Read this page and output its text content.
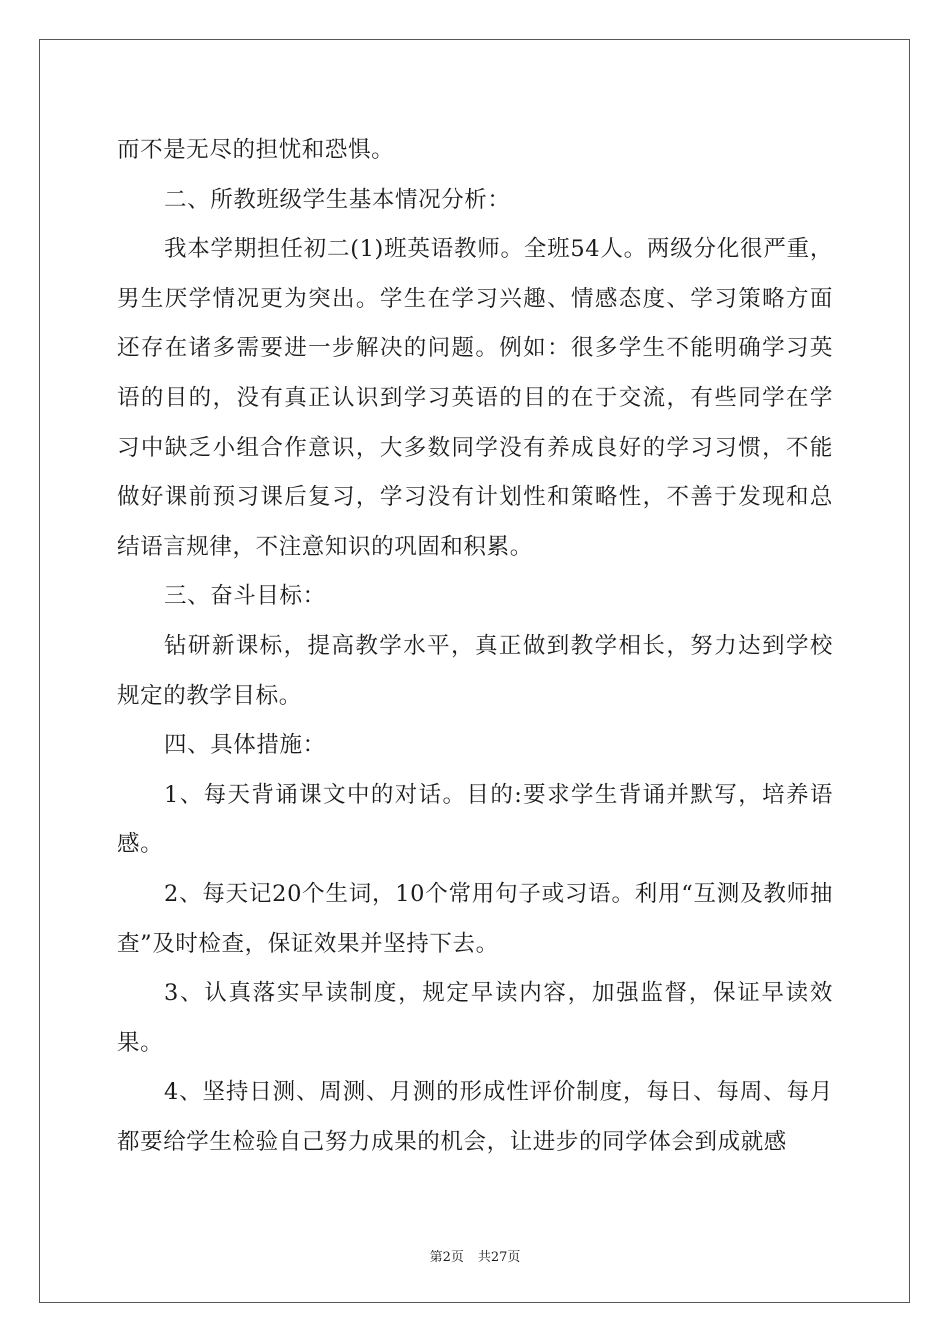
而不是无尽的担忧和恐惧。

二、所教班级学生基本情况分析：

我本学期担任初二(1)班英语教师。全班54人。两级分化很严重，男生厌学情况更为突出。学生在学习兴趣、情感态度、学习策略方面还存在诸多需要进一步解决的问题。例如：很多学生不能明确学习英语的目的，没有真正认识到学习英语的目的在于交流，有些同学在学习中缺乏小组合作意识，大多数同学没有养成良好的学习习惯，不能做好课前预习课后复习，学习没有计划性和策略性，不善于发现和总结语言规律，不注意知识的巩固和积累。

三、奋斗目标：

钻研新课标，提高教学水平，真正做到教学相长，努力达到学校规定的教学目标。

四、具体措施：

1、每天背诵课文中的对话。目的:要求学生背诵并默写，培养语感。

2、每天记20个生词，10个常用句子或习语。利用“互测及教师抽查”及时检查，保证效果并坚持下去。

3、认真落实早读制度，规定早读内容，加强监督，保证早读效果。

4、坚持日测、周测、月测的形成性评价制度，每日、每周、每月都要给学生检验自己努力成果的机会，让进步的同学体会到成就感

第2页 共27页
